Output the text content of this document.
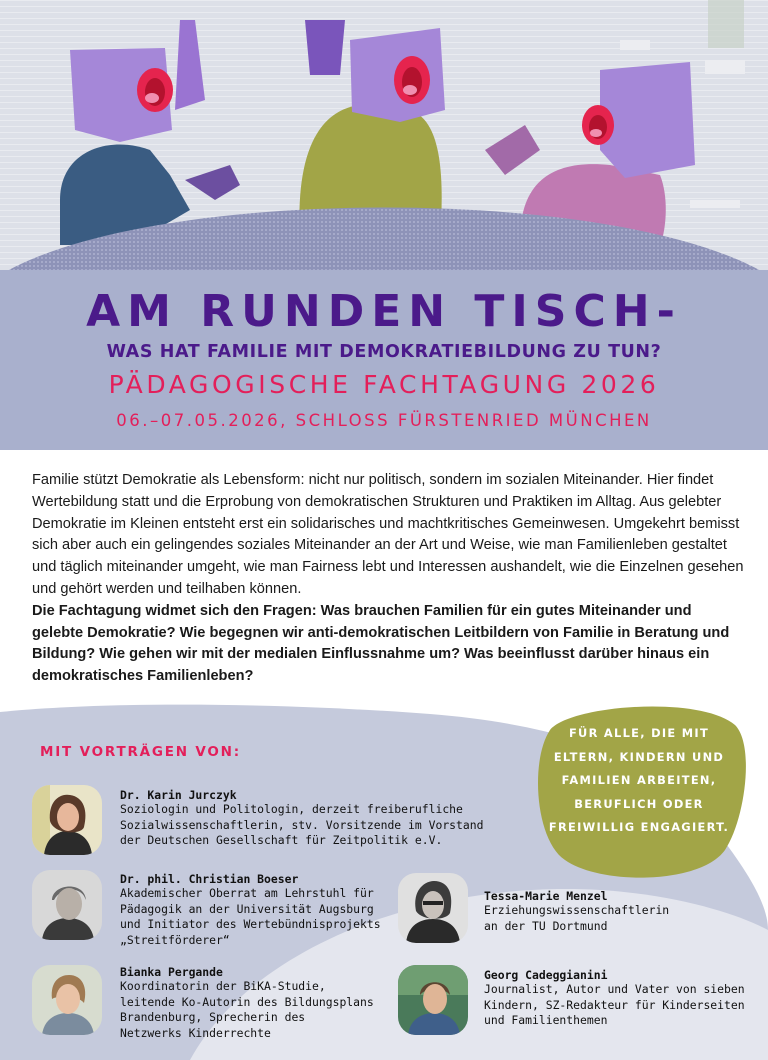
AM RUNDEN TISCH-
WAS HAT FAMILIE MIT DEMOKRATIEBILDUNG ZU TUN?
PÄDAGOGISCHE FACHTAGUNG 2026
06.–07.05.2026, SCHLOSS FÜRSTENRIED MÜNCHEN

Familie stützt Demokratie als Lebensform: nicht nur politisch, sondern im sozialen Miteinander. Hier findet Wertebildung statt und die Erprobung von demokratischen Strukturen und Praktiken im Alltag. Aus gelebter Demokratie im Kleinen entsteht erst ein solidarisches und machtkritisches Gemeinwesen. Umgekehrt bemisst sich aber auch ein gelingendes soziales Miteinander an der Art und Weise, wie man Familienleben gestaltet und täglich miteinander umgeht, wie man Fairness lebt und Interessen aushandelt, wie die Einzelnen gesehen und gehört werden und teilhaben können.

Die Fachtagung widmet sich den Fragen: Was brauchen Familien für ein gutes Miteinander und gelebte Demokratie? Wie begegnen wir anti-demokratischen Leitbildern von Familie in Beratung und Bildung? Wie gehen wir mit der medialen Einflussnahme um? Was beeinflusst darüber hinaus ein demokratisches Familienleben?

MIT VORTRÄGEN VON:
FÜR ALLE, DIE MIT ELTERN, KINDERN UND FAMILIEN ARBEITEN, BERUFLICH ODER FREIWILLIG ENGAGIERT.
Dr. Karin Jurczyk
Soziologin und Politologin, derzeit freiberufliche
Sozialwissenschaftlerin, stv. Vorsitzende im Vorstand
der Deutschen Gesellschaft für Zeitpolitik e.V.
Dr. phil. Christian Boeser
Akademischer Oberrat am Lehrstuhl für
Pädagogik an der Universität Augsburg
und Initiator des Wertebündnisprojekts
„Streitförderer“
Tessa-Marie Menzel
Erziehungswissenschaftlerin
an der TU Dortmund
Bianka Pergande
Koordinatorin der BiKA-Studie,
leitende Ko-Autorin des Bildungsplans
Brandenburg, Sprecherin des
Netzwerks Kinderrechte
Georg Cadeggianini
Journalist, Autor und Vater von sieben
Kindern, SZ-Redakteur für Kinderseiten
und Familienthemen
